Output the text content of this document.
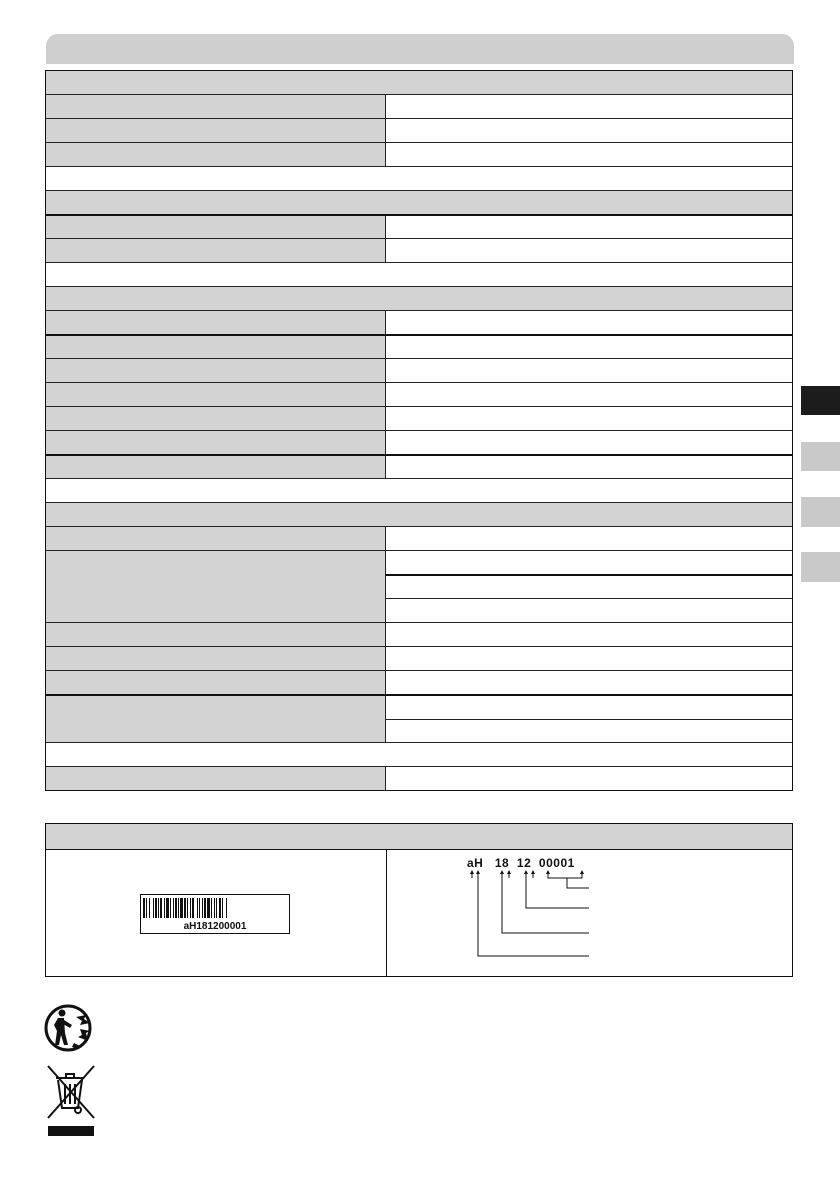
aH181200001
aH 18 12 00001
